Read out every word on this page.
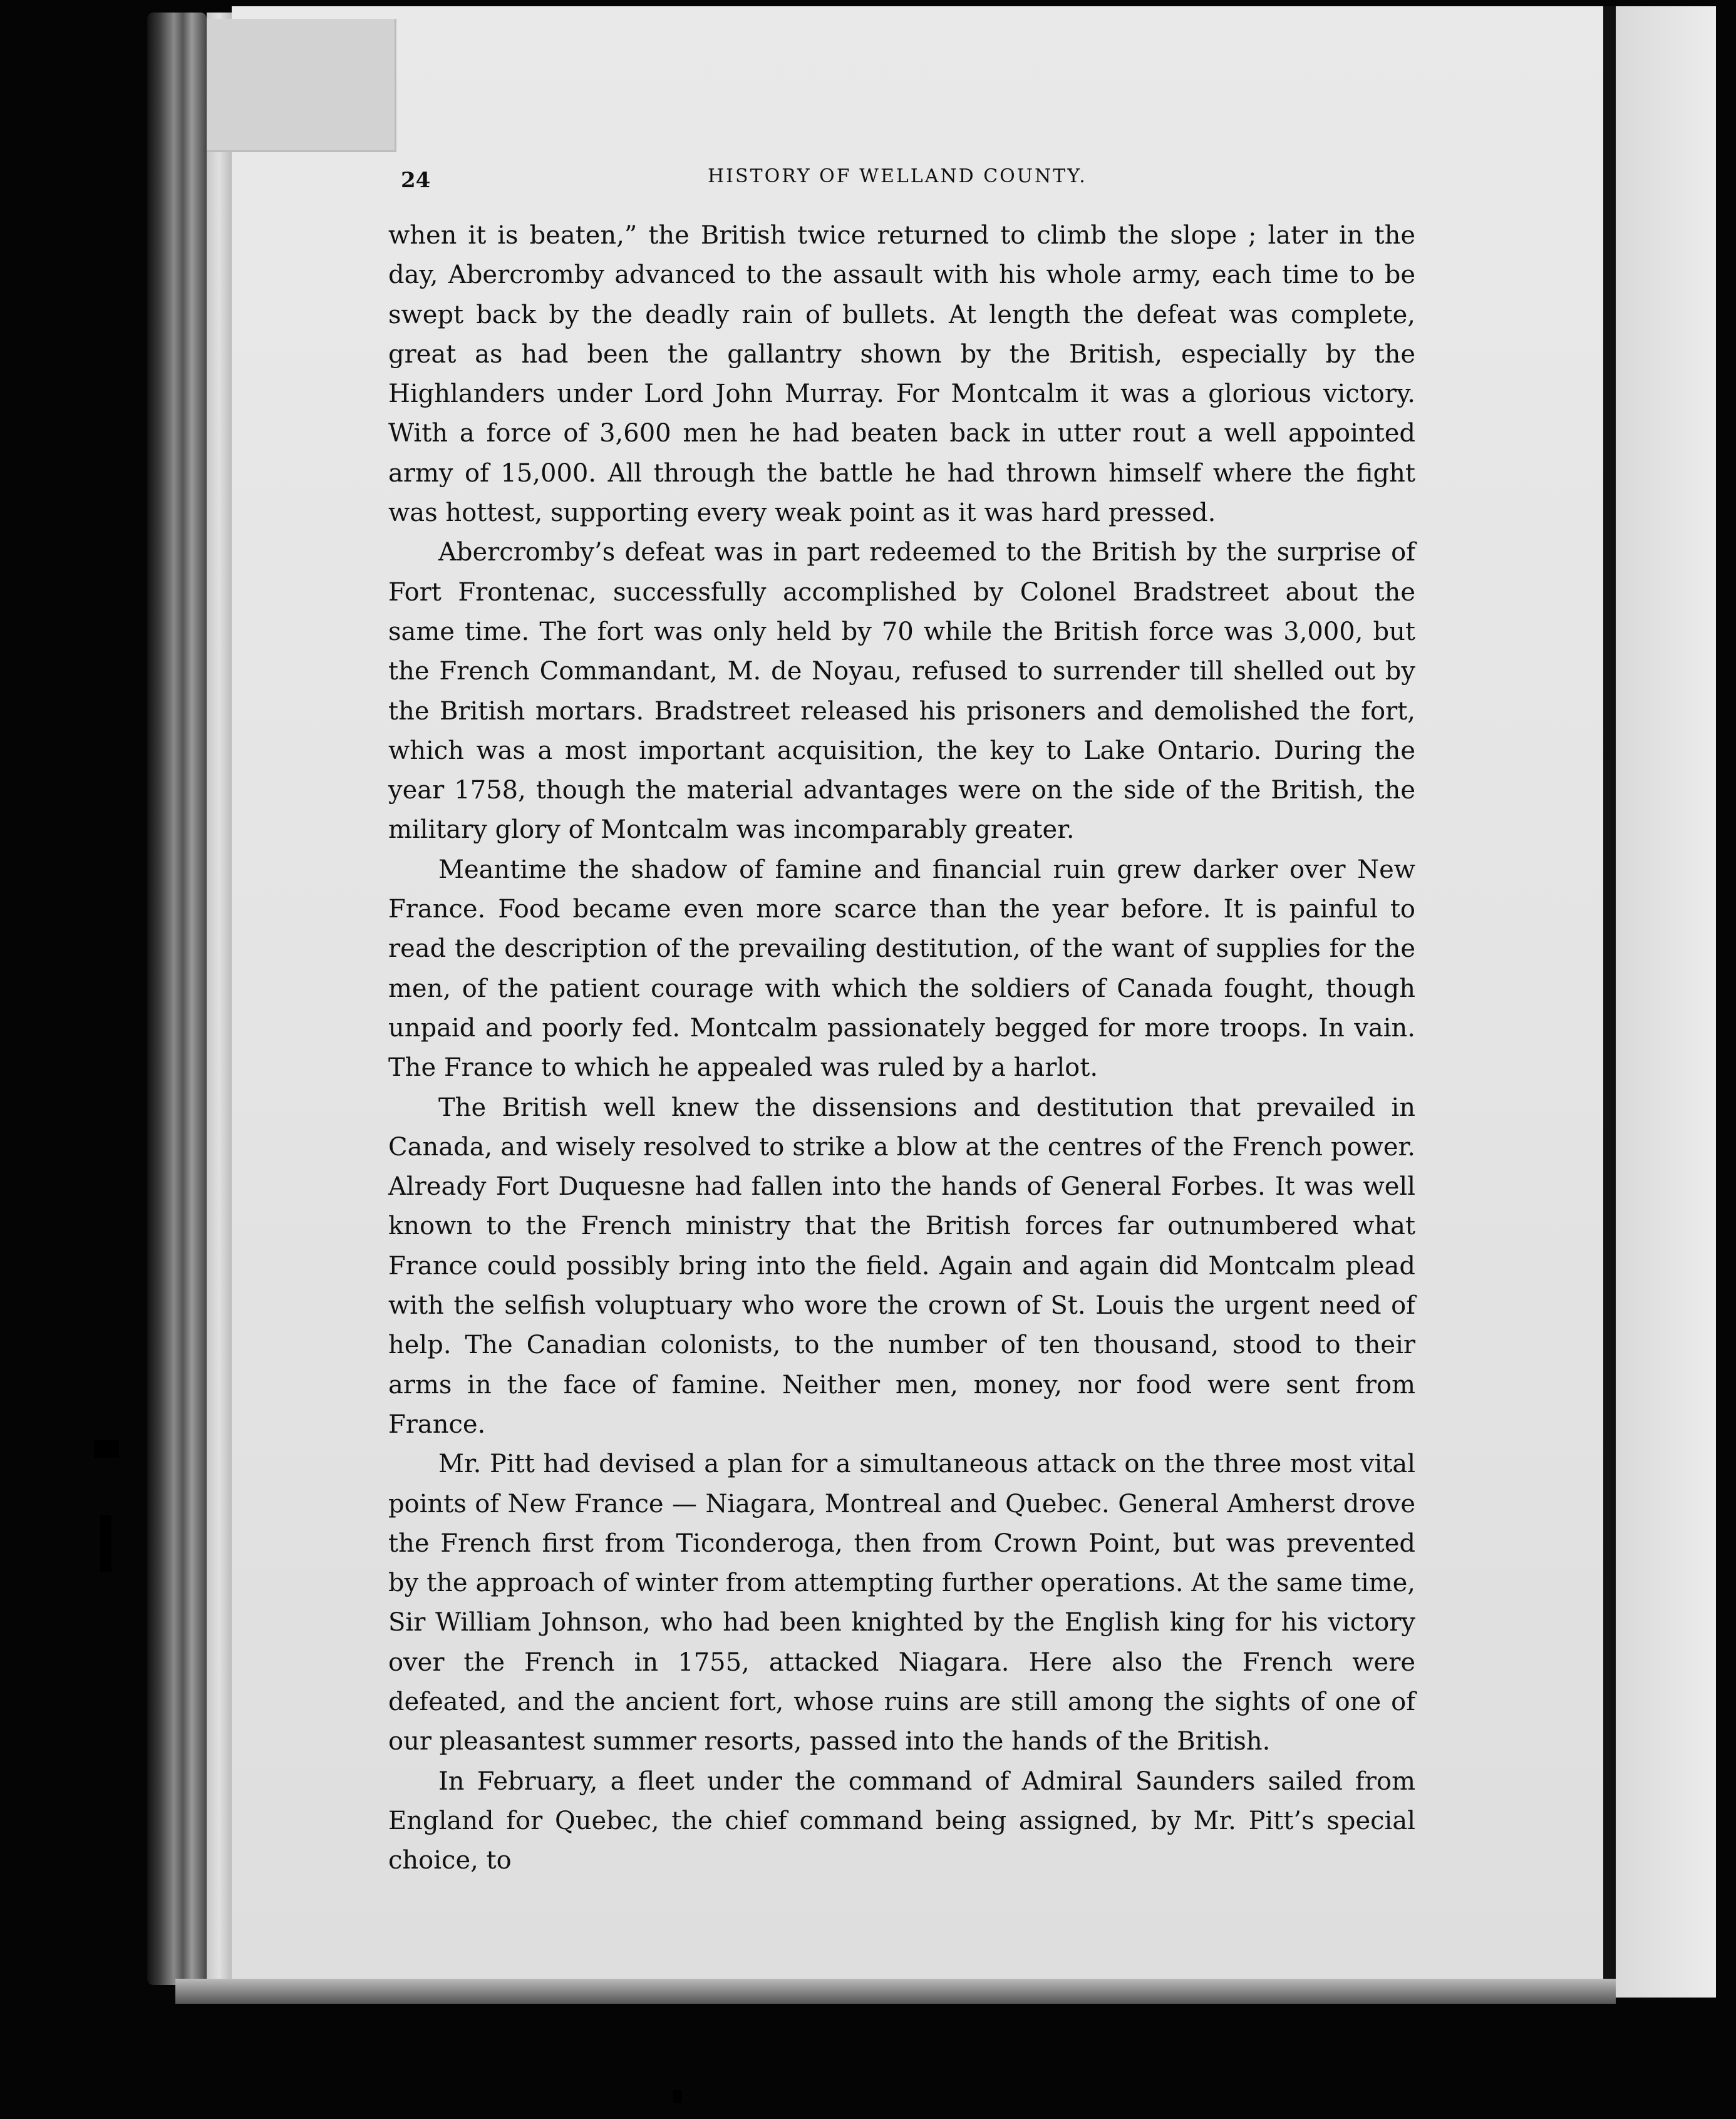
24	HISTORY OF WELLAND COUNTY.

when it is beaten,” the British twice returned to climb the slope ; later in the day, Abercromby advanced to the assault with his whole army, each time to be swept back by the deadly rain of bullets. At length the defeat was complete, great as had been the gallantry shown by the British, especially by the Highlanders under Lord John Murray. For Montcalm it was a glorious victory. With a force of 3,600 men he had beaten back in utter rout a well appointed army of 15,000. All through the battle he had thrown himself where the fight was hottest, supporting every weak point as it was hard pressed.

Abercromby’s defeat was in part redeemed to the British by the surprise of Fort Frontenac, successfully accomplished by Colonel Bradstreet about the same time. The fort was only held by 70 while the British force was 3,000, but the French Commandant, M. de Noyau, refused to surrender till shelled out by the British mortars. Bradstreet released his prisoners and demolished the fort, which was a most important acquisition, the key to Lake Ontario. During the year 1758, though the material advantages were on the side of the British, the military glory of Montcalm was incomparably greater.

Meantime the shadow of famine and financial ruin grew darker over New France. Food became even more scarce than the year before. It is painful to read the description of the prevailing destitution, of the want of supplies for the men, of the patient courage with which the soldiers of Canada fought, though unpaid and poorly fed. Montcalm passionately begged for more troops. In vain. The France to which he appealed was ruled by a harlot.

The British well knew the dissensions and destitution that prevailed in Canada, and wisely resolved to strike a blow at the centres of the French power. Already Fort Duquesne had fallen into the hands of General Forbes. It was well known to the French ministry that the British forces far outnumbered what France could possibly bring into the field. Again and again did Montcalm plead with the selfish voluptuary who wore the crown of St. Louis the urgent need of help. The Canadian colonists, to the number of ten thousand, stood to their arms in the face of famine. Neither men, money, nor food were sent from France.

Mr. Pitt had devised a plan for a simultaneous attack on the three most vital points of New France — Niagara, Montreal and Quebec. General Amherst drove the French first from Ticonderoga, then from Crown Point, but was prevented by the approach of winter from attempting further operations. At the same time, Sir William Johnson, who had been knighted by the English king for his victory over the French in 1755, attacked Niagara. Here also the French were defeated, and the ancient fort, whose ruins are still among the sights of one of our pleasantest summer resorts, passed into the hands of the British.

In February, a fleet under the command of Admiral Saunders sailed from England for Quebec, the chief command being assigned, by Mr. Pitt’s special choice, to
